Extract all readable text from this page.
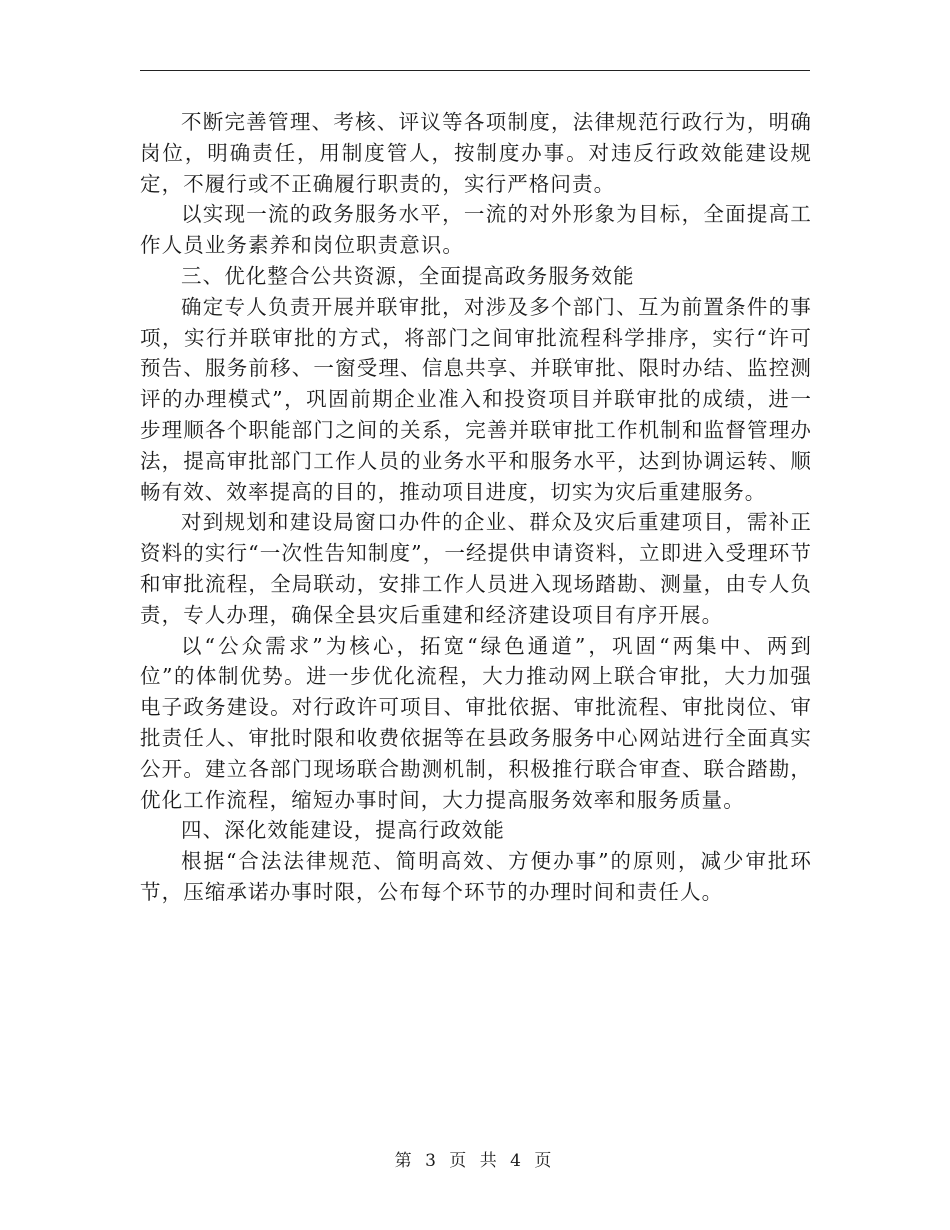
不断完善管理、考核、评议等各项制度，法律规范行政行为，明确岗位，明确责任，用制度管人，按制度办事。对违反行政效能建设规定，不履行或不正确履行职责的，实行严格问责。

以实现一流的政务服务水平，一流的对外形象为目标，全面提高工作人员业务素养和岗位职责意识。

三、优化整合公共资源，全面提高政务服务效能

确定专人负责开展并联审批，对涉及多个部门、互为前置条件的事项，实行并联审批的方式，将部门之间审批流程科学排序，实行“许可预告、服务前移、一窗受理、信息共享、并联审批、限时办结、监控测评的办理模式”，巩固前期企业准入和投资项目并联审批的成绩，进一步理顺各个职能部门之间的关系，完善并联审批工作机制和监督管理办法，提高审批部门工作人员的业务水平和服务水平，达到协调运转、顺畅有效、效率提高的目的，推动项目进度，切实为灾后重建服务。

对到规划和建设局窗口办件的企业、群众及灾后重建项目，需补正资料的实行“一次性告知制度”，一经提供申请资料，立即进入受理环节和审批流程，全局联动，安排工作人员进入现场踏勘、测量，由专人负责，专人办理，确保全县灾后重建和经济建设项目有序开展。

以“公众需求”为核心，拓宽“绿色通道”，巩固“两集中、两到位”的体制优势。进一步优化流程，大力推动网上联合审批，大力加强电子政务建设。对行政许可项目、审批依据、审批流程、审批岗位、审批责任人、审批时限和收费依据等在县政务服务中心网站进行全面真实公开。建立各部门现场联合勘测机制，积极推行联合审查、联合踏勘，优化工作流程，缩短办事时间，大力提高服务效率和服务质量。

四、深化效能建设，提高行政效能

根据“合法法律规范、简明高效、方便办事”的原则，减少审批环节，压缩承诺办事时限，公布每个环节的办理时间和责任人。

第 3 页 共 4 页
